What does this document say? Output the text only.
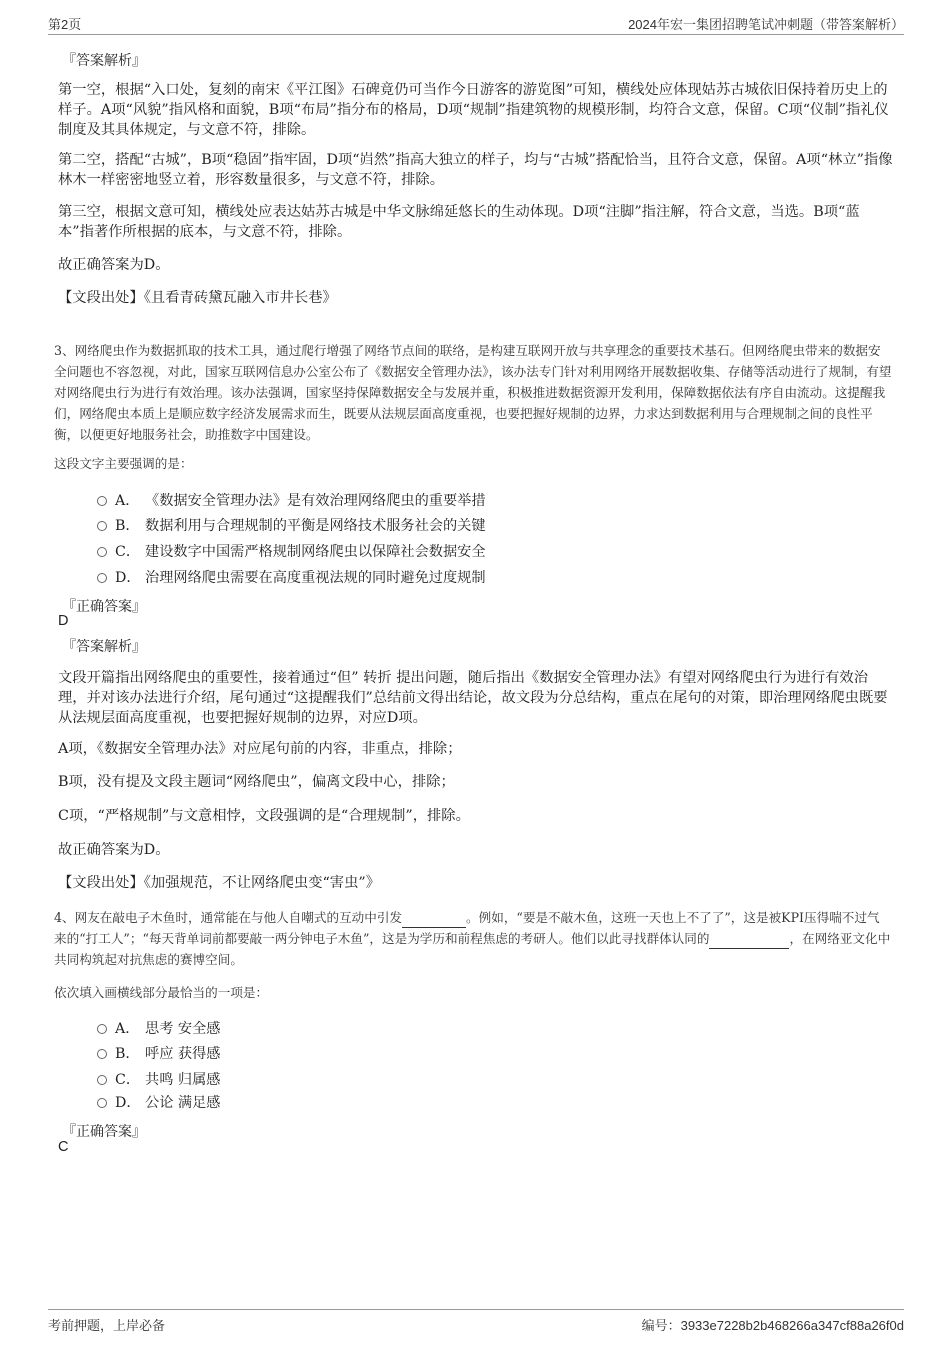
第2页	2024年宏一集团招聘笔试冲刺题（带答案解析）
『答案解析』
第一空，根据“入口处，复刻的南宋《平江图》石碑竟仍可当作今日游客的游览图”可知，横线处应体现姑苏古城依旧保持着历史上的样子。A项“风貌”指风格和面貌，B项“布局”指分布的格局，D项“规制”指建筑物的规模形制，均符合文意，保留。C项“仪制”指礼仪制度及其具体规定，与文意不符，排除。
第二空，搭配“古城”，B项“稳固”指牢固，D项“岿然”指高大独立的样子，均与“古城”搭配恰当，且符合文意，保留。A项“林立”指像林木一样密密地竖立着，形容数量很多，与文意不符，排除。
第三空，根据文意可知，横线处应表达姑苏古城是中华文脉绵延悠长的生动体现。D项“注脚”指注解，符合文意，当选。B项“蓝本”指著作所根据的底本，与文意不符，排除。
故正确答案为D。
【文段出处】《且看青砖黛瓦融入市井长巷》
3、网络爬虫作为数据抓取的技术工具，通过爬行增强了网络节点间的联络，是构建互联网开放与共享理念的重要技术基石。但网络爬虫带来的数据安全问题也不容忽视，对此，国家互联网信息办公室公布了《数据安全管理办法》，该办法专门针对利用网络开展数据收集、存储等活动进行了规制，有望对网络爬虫行为进行有效治理。该办法强调，国家坚持保障数据安全与发展并重，积极推进数据资源开发利用，保障数据依法有序自由流动。这提醒我们，网络爬虫本质上是顺应数字经济发展需求而生，既要从法规层面高度重视，也要把握好规制的边界，力求达到数据利用与合理规制之间的良性平衡，以便更好地服务社会，助推数字中国建设。
这段文字主要强调的是：
A． 《数据安全管理办法》是有效治理网络爬虫的重要举措
B． 数据利用与合理规制的平衡是网络技术服务社会的关键
C． 建设数字中国需严格规制网络爬虫以保障社会数据安全
D． 治理网络爬虫需要在高度重视法规的同时避免过度规制
『正确答案』
D
『答案解析』
文段开篇指出网络爬虫的重要性，接着通过“但” 转折 提出问题，随后指出《数据安全管理办法》有望对网络爬虫行为进行有效治理，并对该办法进行介绍，尾句通过“这提醒我们”总结前文得出结论，故文段为分总结构，重点在尾句的对策，即治理网络爬虫既要从法规层面高度重视，也要把握好规制的边界，对应D项。
A项，《数据安全管理办法》对应尾句前的内容，非重点，排除；
B项，没有提及文段主题词“网络爬虫”，偏离文段中心，排除；
C项，“严格规制”与文意相悖，文段强调的是“合理规制”，排除。
故正确答案为D。
【文段出处】《加强规范，不让网络爬虫变“害虫”》
4、网友在敲电子木鱼时，通常能在与他人自嘲式的互动中引发	。例如，“要是不敲木鱼，这班一天也上不了了”，这是被KPI压得喘不过气来的“打工人”；“每天背单词前都要敲一两分钟电子木鱼”，这是为学历和前程焦虑的考研人。他们以此寻找群体认同的	，在网络亚文化中共同构筑起对抗焦虑的赛博空间。
依次填入画横线部分最恰当的一项是：
A． 思考 安全感
B． 呼应 获得感
C． 共鸣 归属感
D． 公论 满足感
『正确答案』
C
考前押题，上岸必备	编号：3933e7228b2b468266a347cf88a26f0d
